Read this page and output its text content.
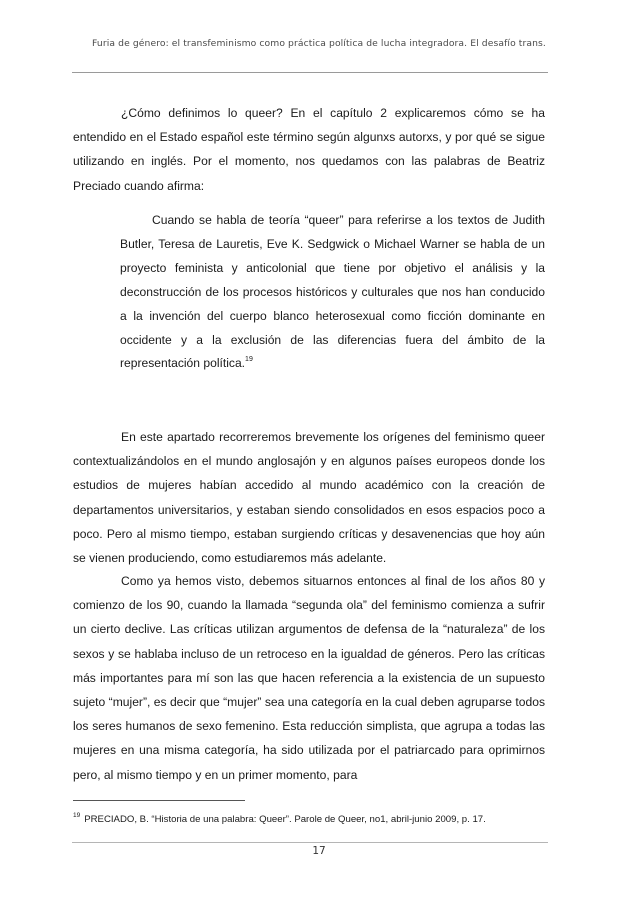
Furia de género: el transfeminismo como práctica política de lucha integradora. El desafío trans.

¿Cómo definimos lo queer? En el capítulo 2 explicaremos cómo se ha entendido en el Estado español este término según algunxs autorxs, y por qué se sigue utilizando en inglés. Por el momento, nos quedamos con las palabras de Beatriz Preciado cuando afirma:

Cuando se habla de teoría “queer” para referirse a los textos de Judith Butler, Teresa de Lauretis, Eve K. Sedgwick o Michael Warner se habla de un proyecto feminista y anticolonial que tiene por objetivo el análisis y la deconstrucción de los procesos históricos y culturales que nos han conducido a la invención del cuerpo blanco heterosexual como ficción dominante en occidente y a la exclusión de las diferencias fuera del ámbito de la representación política.$^{19}$

En este apartado recorreremos brevemente los orígenes del feminismo queer contextualizándolos en el mundo anglosajón y en algunos países europeos donde los estudios de mujeres habían accedido al mundo académico con la creación de departamentos universitarios, y estaban siendo consolidados en esos espacios poco a poco. Pero al mismo tiempo, estaban surgiendo críticas y desavenencias que hoy aún se vienen produciendo, como estudiaremos más adelante.

Como ya hemos visto, debemos situarnos entonces al final de los años 80 y comienzo de los 90, cuando la llamada “segunda ola” del feminismo comienza a sufrir un cierto declive. Las críticas utilizan argumentos de defensa de la “naturaleza” de los sexos y se hablaba incluso de un retroceso en la igualdad de géneros. Pero las críticas más importantes para mí son las que hacen referencia a la existencia de un supuesto sujeto “mujer”, es decir que “mujer” sea una categoría en la cual deben agruparse todos los seres humanos de sexo femenino. Esta reducción simplista, que agrupa a todas las mujeres en una misma categoría, ha sido utilizada por el patriarcado para oprimirnos pero, al mismo tiempo y en un primer momento, para

$^{19}$ PRECIADO, B. “Historia de una palabra: Queer”. Parole de Queer, no1, abril-junio 2009, p. 17.

17
